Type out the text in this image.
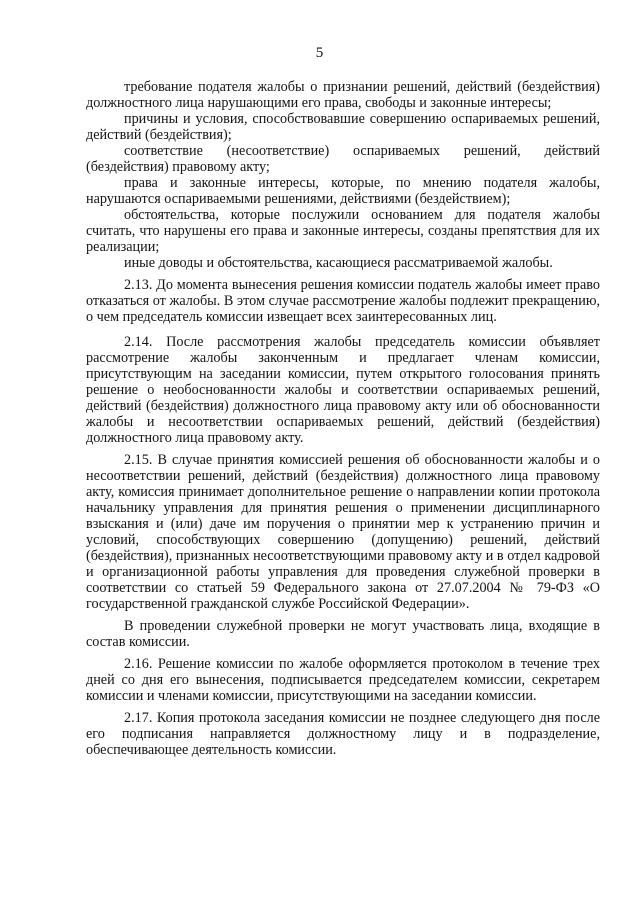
5

требование подателя жалобы о признании решений, действий (бездействия) должностного лица нарушающими его права, свободы и законные интересы;

причины и условия, способствовавшие совершению оспариваемых решений, действий (бездействия);

соответствие (несоответствие) оспариваемых решений, действий (бездействия) правовому акту;

права и законные интересы, которые, по мнению подателя жалобы, нарушаются оспариваемыми решениями, действиями (бездействием);

обстоятельства, которые послужили основанием для подателя жалобы считать, что нарушены его права и законные интересы, созданы препятствия для их реализации;

иные доводы и обстоятельства, касающиеся рассматриваемой жалобы.

2.13. До момента вынесения решения комиссии податель жалобы имеет право отказаться от жалобы. В этом случае рассмотрение жалобы подлежит прекращению, о чем председатель комиссии извещает всех заинтересованных лиц.

2.14. После рассмотрения жалобы председатель комиссии объявляет рассмотрение жалобы законченным и предлагает членам комиссии, присутствующим на заседании комиссии, путем открытого голосования принять решение о необоснованности жалобы и соответствии оспариваемых решений, действий (бездействия) должностного лица правовому акту или об обоснованности жалобы и несоответствии оспариваемых решений, действий (бездействия) должностного лица правовому акту.

2.15. В случае принятия комиссией решения об обоснованности жалобы и о несоответствии решений, действий (бездействия) должностного лица правовому акту, комиссия принимает дополнительное решение о направлении копии протокола начальнику управления для принятия решения о применении дисциплинарного взыскания и (или) даче им поручения о принятии мер к устранению причин и условий, способствующих совершению (допущению) решений, действий (бездействия), признанных несоответствующими правовому акту и в отдел кадровой и организационной работы управления для проведения служебной проверки в соответствии со статьей 59 Федерального закона от 27.07.2004 № 79-ФЗ «О государственной гражданской службе Российской Федерации».

В проведении служебной проверки не могут участвовать лица, входящие в состав комиссии.

2.16. Решение комиссии по жалобе оформляется протоколом в течение трех дней со дня его вынесения, подписывается председателем комиссии, секретарем комиссии и членами комиссии, присутствующими на заседании комиссии.

2.17. Копия протокола заседания комиссии не позднее следующего дня после его подписания направляется должностному лицу и в подразделение, обеспечивающее деятельность комиссии.
